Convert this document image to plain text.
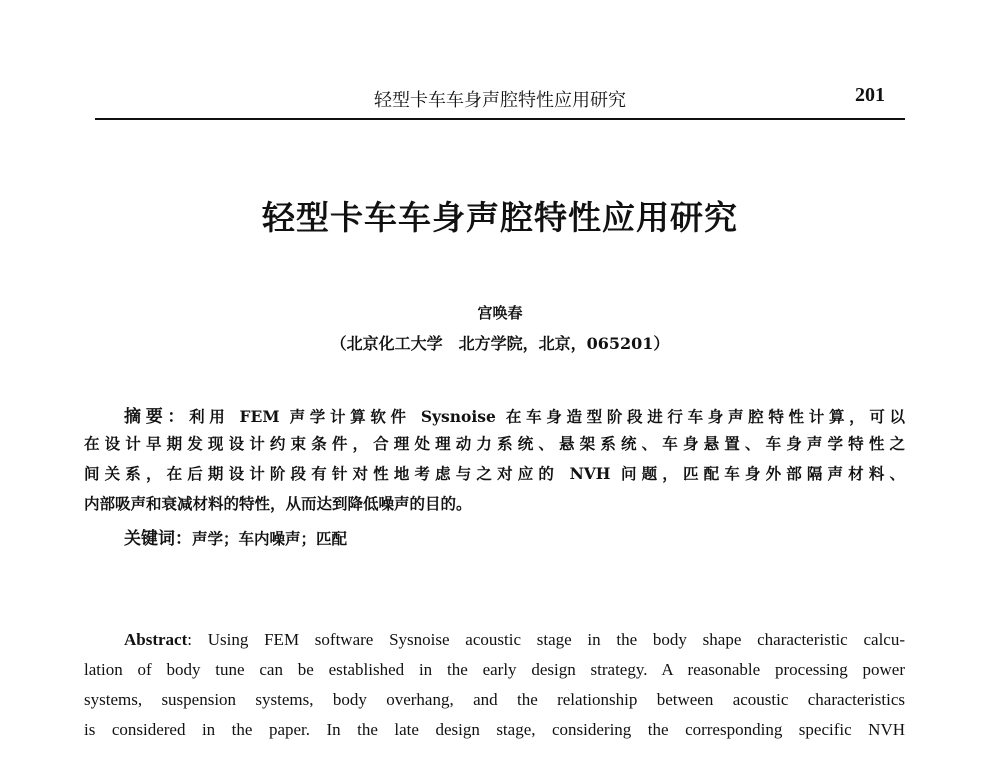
轻型卡车车身声腔特性应用研究	201
轻型卡车车身声腔特性应用研究
宫唤春
（北京化工大学　北方学院，北京，065201）
摘要：利用 FEM 声学计算软件 Sysnoise 在车身造型阶段进行车身声腔特性计算，可以
在设计早期发现设计约束条件，合理处理动力系统、悬架系统、车身悬置、车身声学特性之
间关系，在后期设计阶段有针对性地考虑与之对应的 NVH 问题，匹配车身外部隔声材料、
内部吸声和衰减材料的特性，从而达到降低噪声的目的。
关键词：声学；车内噪声；匹配
Abstract: Using FEM software Sysnoise acoustic stage in the body shape characteristic calcu-
lation of body tune can be established in the early design strategy. A reasonable processing power
systems, suspension systems, body overhang, and the relationship between acoustic characteristics
is considered in the paper. In the late design stage, considering the corresponding specific NVH
